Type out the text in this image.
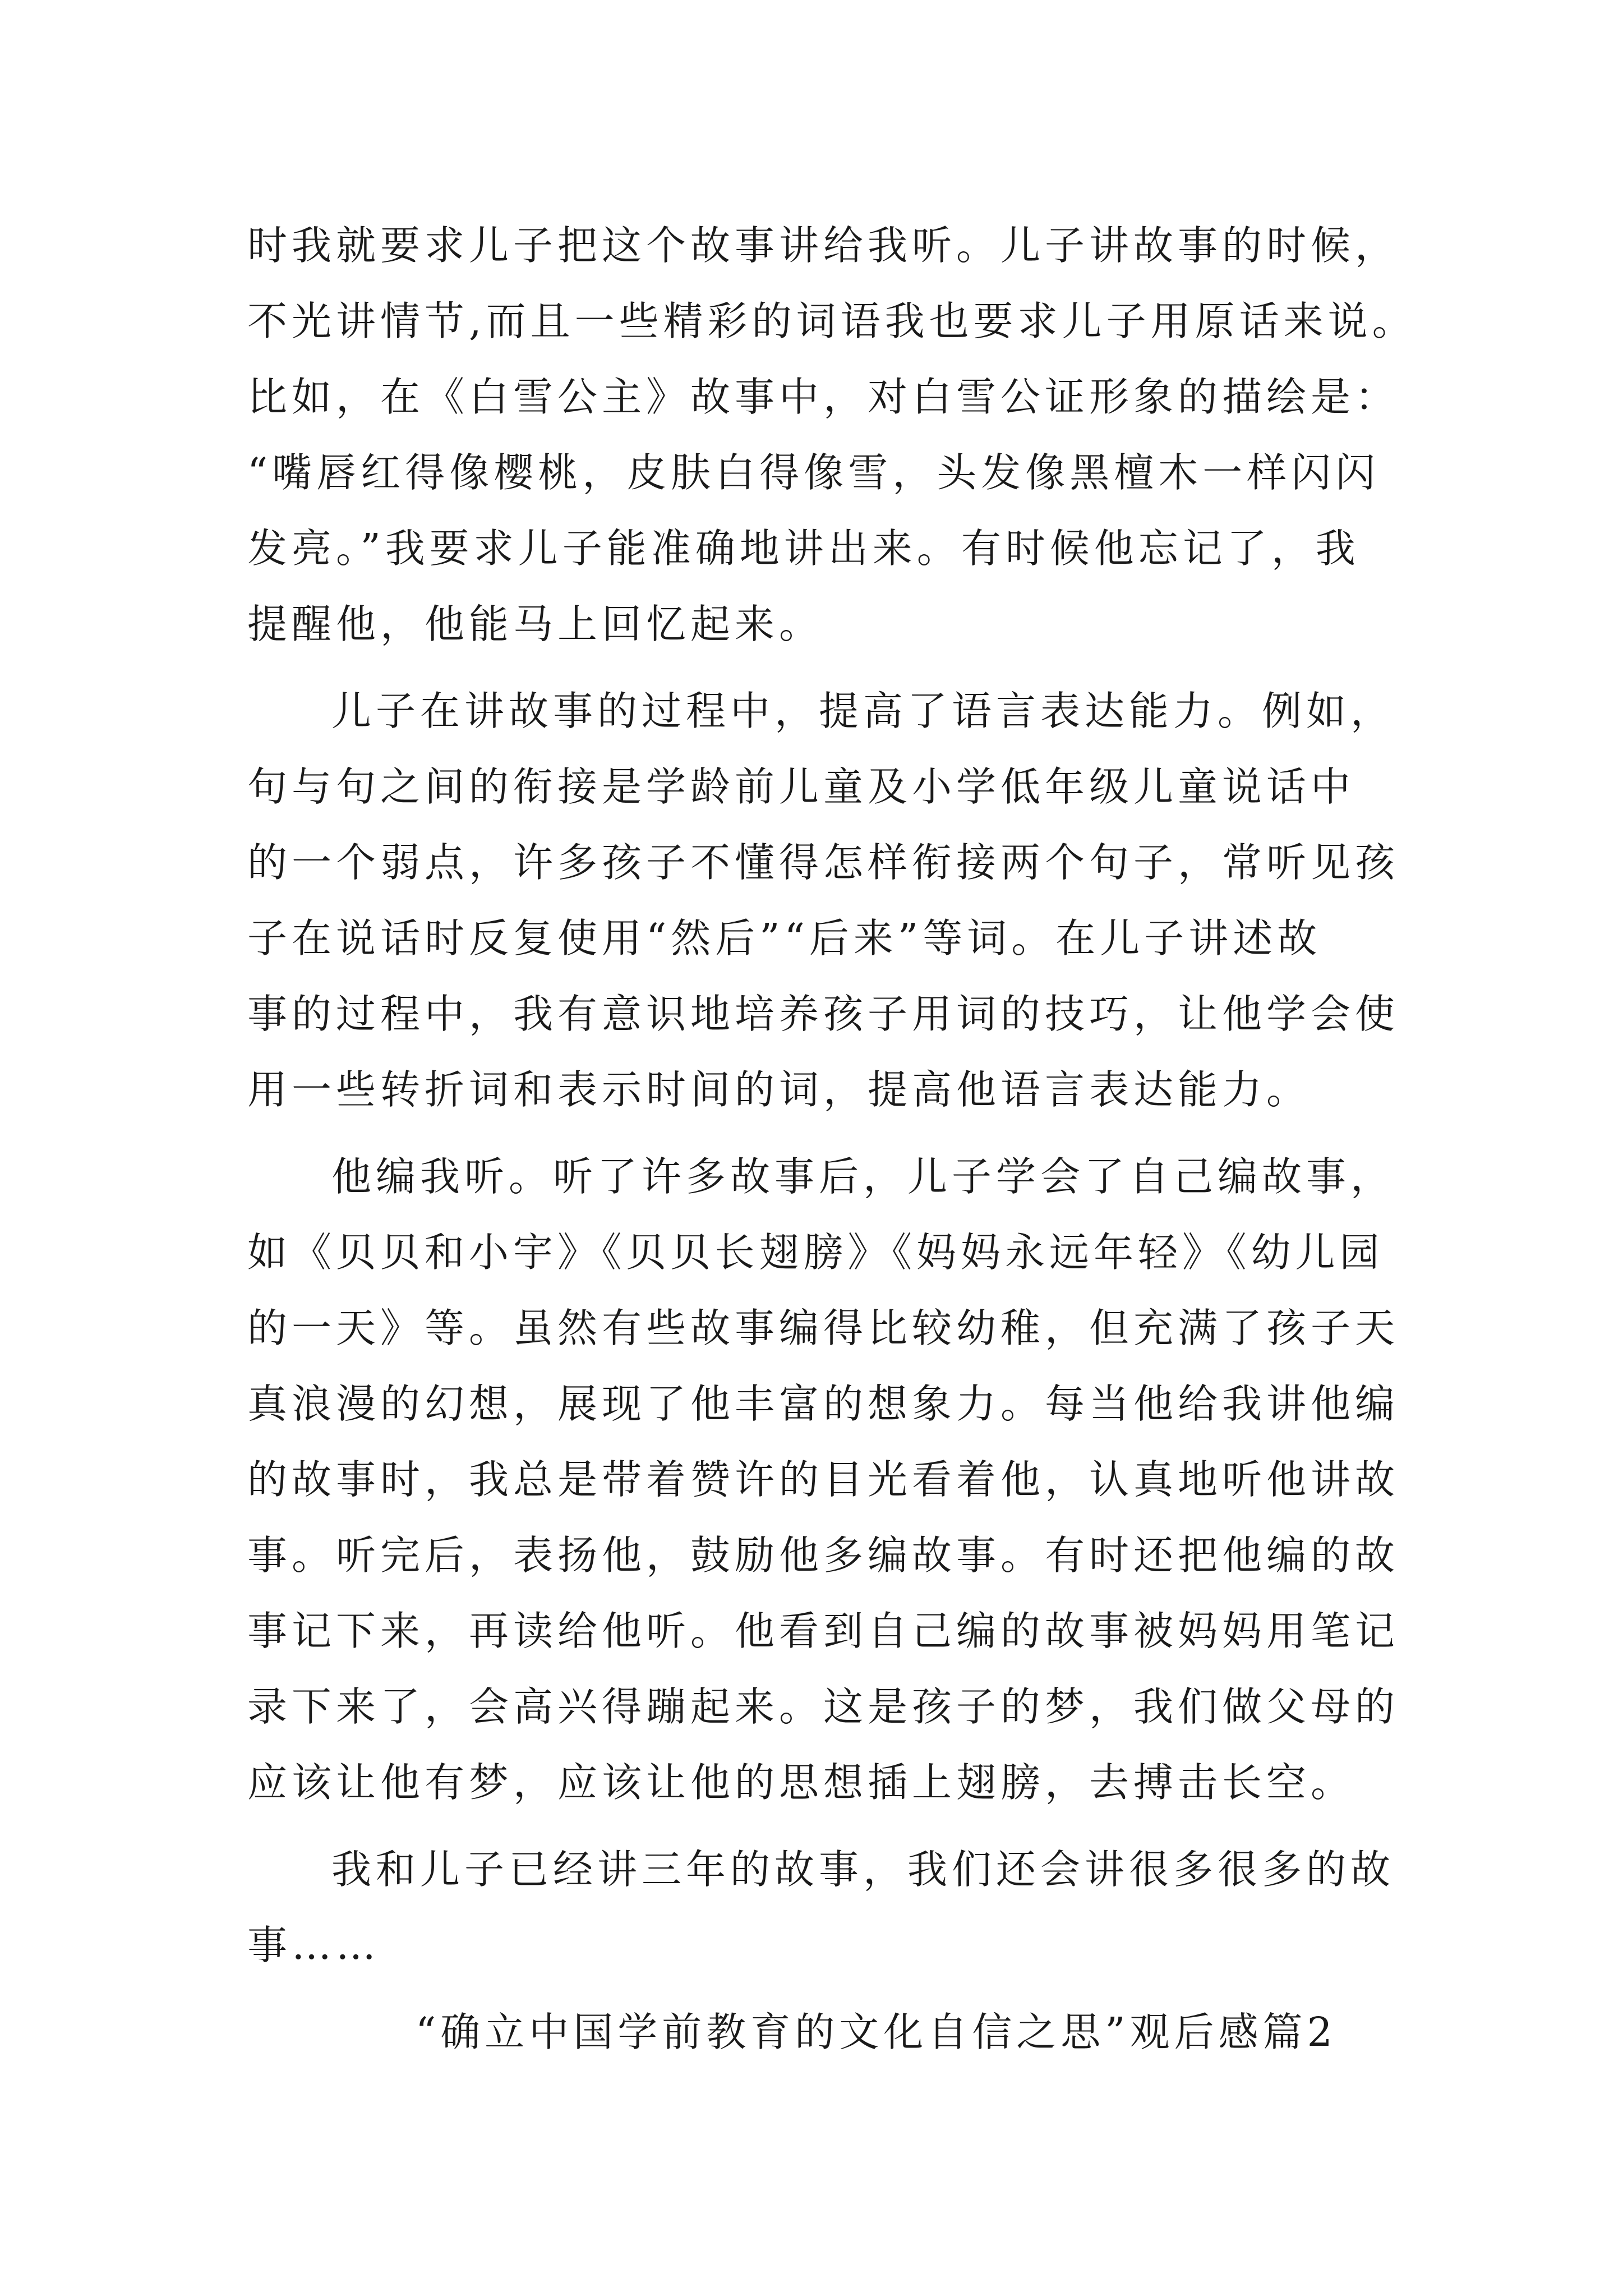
时我就要求儿子把这个故事讲给我听。儿子讲故事的时候，
不光讲情节,而且一些精彩的词语我也要求儿子用原话来说。
比如，在《白雪公主》故事中，对白雪公证形象的描绘是：
“嘴唇红得像樱桃，皮肤白得像雪，头发像黑檀木一样闪闪
发亮。”我要求儿子能准确地讲出来。有时候他忘记了，我
提醒他，他能马上回忆起来。
儿子在讲故事的过程中，提高了语言表达能力。例如，
句与句之间的衔接是学龄前儿童及小学低年级儿童说话中
的一个弱点，许多孩子不懂得怎样衔接两个句子，常听见孩
子在说话时反复使用“然后”“后来”等词。在儿子讲述故
事的过程中，我有意识地培养孩子用词的技巧，让他学会使
用一些转折词和表示时间的词，提高他语言表达能力。
他编我听。听了许多故事后，儿子学会了自己编故事，
如《贝贝和小宇》《贝贝长翅膀》《妈妈永远年轻》《幼儿园
的一天》等。虽然有些故事编得比较幼稚，但充满了孩子天
真浪漫的幻想，展现了他丰富的想象力。每当他给我讲他编
的故事时，我总是带着赞许的目光看着他，认真地听他讲故
事。听完后，表扬他，鼓励他多编故事。有时还把他编的故
事记下来，再读给他听。他看到自己编的故事被妈妈用笔记
录下来了，会高兴得蹦起来。这是孩子的梦，我们做父母的
应该让他有梦，应该让他的思想插上翅膀，去搏击长空。
我和儿子已经讲三年的故事，我们还会讲很多很多的故
事……
“确立中国学前教育的文化自信之思”观后感篇2
